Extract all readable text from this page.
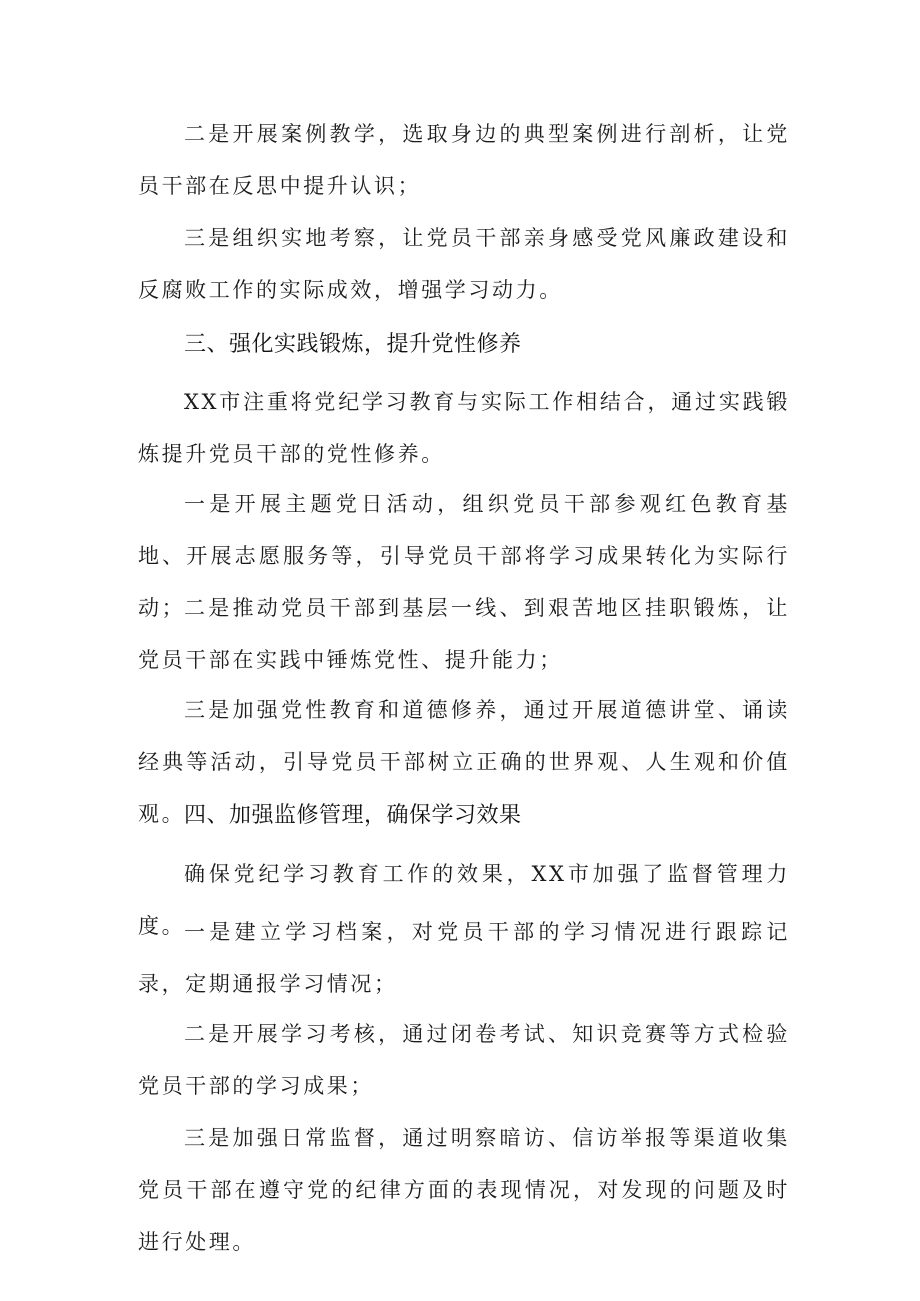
二是开展案例教学，选取身边的典型案例进行剖析，让党员干部在反思中提升认识；

三是组织实地考察，让党员干部亲身感受党风廉政建设和反腐败工作的实际成效，增强学习动力。

三、强化实践锻炼，提升党性修养

XX市注重将党纪学习教育与实际工作相结合，通过实践锻炼提升党员干部的党性修养。

一是开展主题党日活动，组织党员干部参观红色教育基地、开展志愿服务等，引导党员干部将学习成果转化为实际行动；

二是推动党员干部到基层一线、到艰苦地区挂职锻炼，让党员干部在实践中锤炼党性、提升能力；

三是加强党性教育和道德修养，通过开展道德讲堂、诵读经典等活动，引导党员干部树立正确的世界观、人生观和价值观。

四、加强监修管理，确保学习效果

确保党纪学习教育工作的效果，XX市加强了监督管理力度。

一是建立学习档案，对党员干部的学习情况进行跟踪记录，定期通报学习情况；

二是开展学习考核，通过闭卷考试、知识竞赛等方式检验党员干部的学习成果；

三是加强日常监督，通过明察暗访、信访举报等渠道收集党员干部在遵守党的纪律方面的表现情况，对发现的问题及时进行处理。
